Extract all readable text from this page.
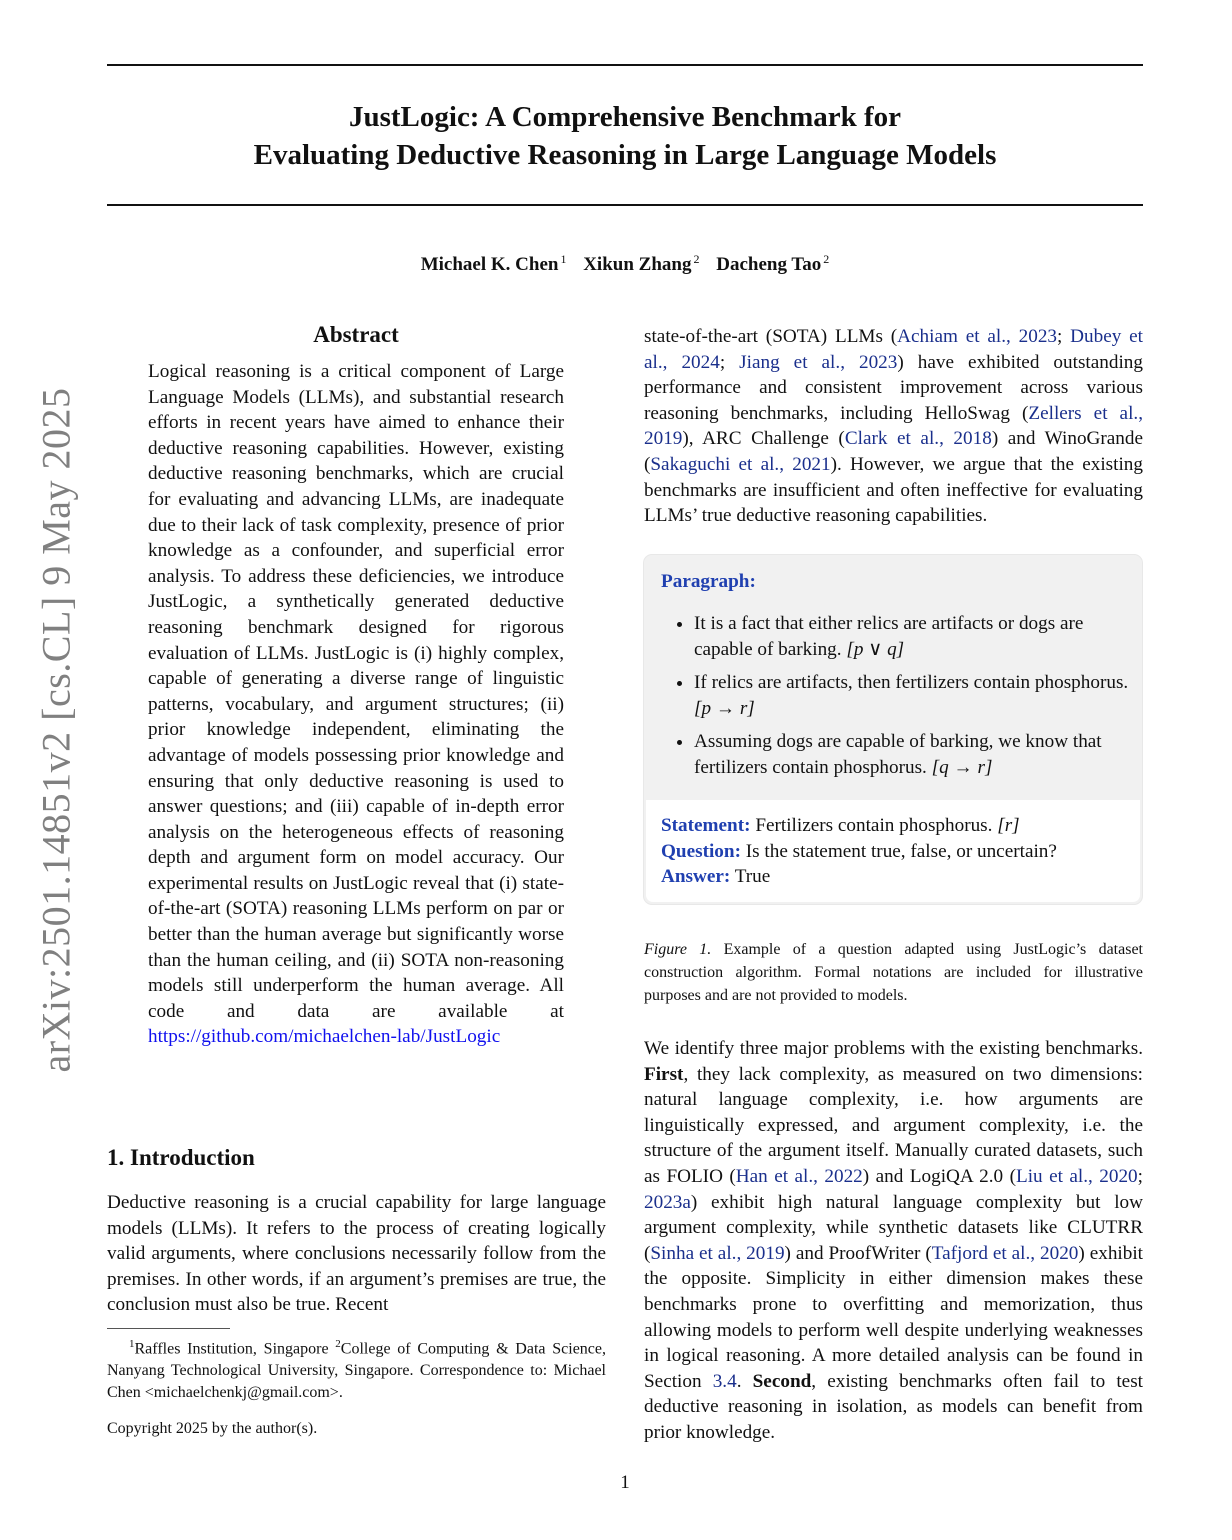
JustLogic: A Comprehensive Benchmark for
Evaluating Deductive Reasoning in Large Language Models
Michael K. Chen $^1$ Xikun Zhang $^2$ Dacheng Tao $^2$
arXiv:2501.14851v2 [cs.CL] 9 May 2025
Abstract
Logical reasoning is a critical component of Large Language Models (LLMs), and substantial research efforts in recent years have aimed to enhance their deductive reasoning capabilities. However, existing deductive reasoning benchmarks, which are crucial for evaluating and advancing LLMs, are inadequate due to their lack of task complexity, presence of prior knowledge as a confounder, and superficial error analysis. To address these deficiencies, we introduce JustLogic, a synthetically generated deductive reasoning benchmark designed for rigorous evaluation of LLMs. JustLogic is (i) highly complex, capable of generating a diverse range of linguistic patterns, vocabulary, and argument structures; (ii) prior knowledge independent, eliminating the advantage of models possessing prior knowledge and ensuring that only deductive reasoning is used to answer questions; and (iii) capable of in-depth error analysis on the heterogeneous effects of reasoning depth and argument form on model accuracy. Our experimental results on JustLogic reveal that (i) state-of-the-art (SOTA) reasoning LLMs perform on par or better than the human average but significantly worse than the human ceiling, and (ii) SOTA non-reasoning models still underperform the human average. All code and data are available at https://github.com/michaelchen-lab/JustLogic
1. Introduction
Deductive reasoning is a crucial capability for large language models (LLMs). It refers to the process of creating logically valid arguments, where conclusions necessarily follow from the premises. In other words, if an argument’s premises are true, the conclusion must also be true. Recent
$^1$Raffles Institution, Singapore $^2$College of Computing & Data Science, Nanyang Technological University, Singapore. Correspondence to: Michael Chen <michaelchenkj@gmail.com>.
Copyright 2025 by the author(s).
state-of-the-art (SOTA) LLMs (Achiam et al., 2023; Dubey et al., 2024; Jiang et al., 2023) have exhibited outstanding performance and consistent improvement across various reasoning benchmarks, including HelloSwag (Zellers et al., 2019), ARC Challenge (Clark et al., 2018) and WinoGrande (Sakaguchi et al., 2021). However, we argue that the existing benchmarks are insufficient and often ineffective for evaluating LLMs’ true deductive reasoning capabilities.
Paragraph:
• It is a fact that either relics are artifacts or dogs are capable of barking. [p ∨ q]
• If relics are artifacts, then fertilizers contain phosphorus. [p → r]
• Assuming dogs are capable of barking, we know that fertilizers contain phosphorus. [q → r]
Statement: Fertilizers contain phosphorus. [r]
Question: Is the statement true, false, or uncertain?
Answer: True
Figure 1. Example of a question adapted using JustLogic’s dataset construction algorithm. Formal notations are included for illustrative purposes and are not provided to models.
We identify three major problems with the existing benchmarks. First, they lack complexity, as measured on two dimensions: natural language complexity, i.e. how arguments are linguistically expressed, and argument complexity, i.e. the structure of the argument itself. Manually curated datasets, such as FOLIO (Han et al., 2022) and LogiQA 2.0 (Liu et al., 2020; 2023a) exhibit high natural language complexity but low argument complexity, while synthetic datasets like CLUTRR (Sinha et al., 2019) and ProofWriter (Tafjord et al., 2020) exhibit the opposite. Simplicity in either dimension makes these benchmarks prone to overfitting and memorization, thus allowing models to perform well despite underlying weaknesses in logical reasoning. A more detailed analysis can be found in Section 3.4. Second, existing benchmarks often fail to test deductive reasoning in isolation, as models can benefit from prior knowledge.
1
